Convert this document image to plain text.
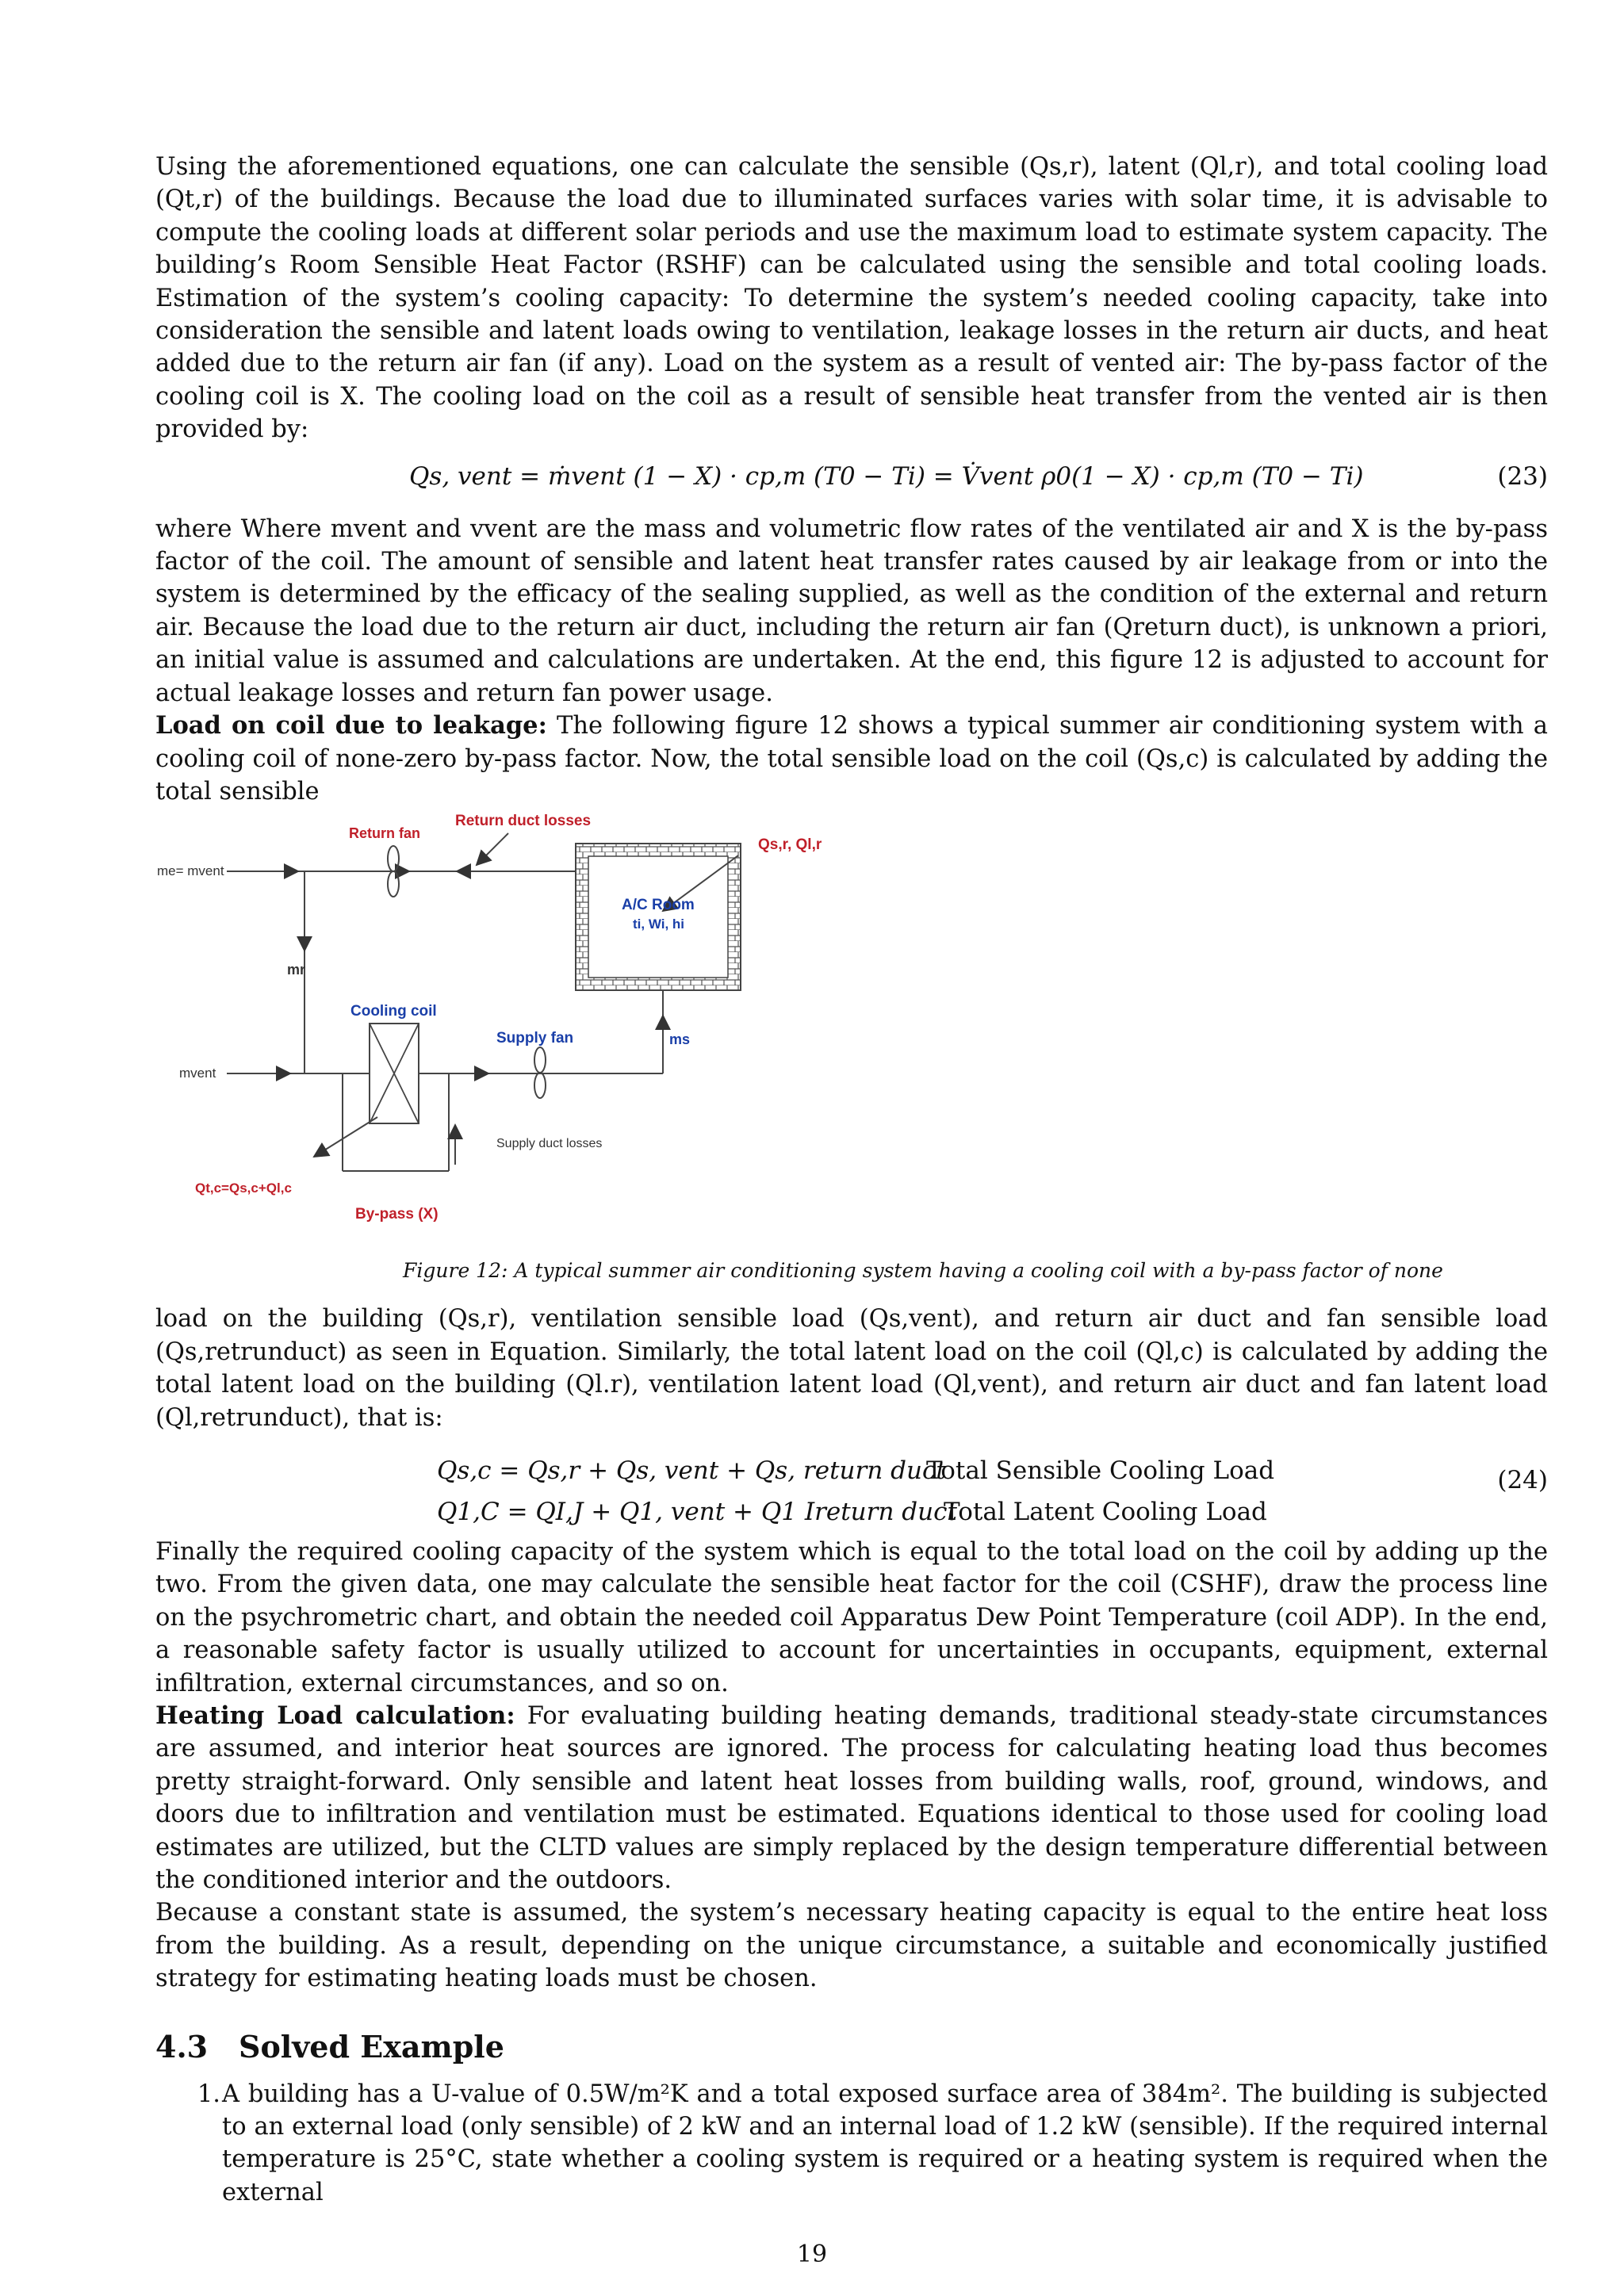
Using the aforementioned equations, one can calculate the sensible (Qs,r), latent (Ql,r), and total cooling load (Qt,r) of the buildings. Because the load due to illuminated surfaces varies with solar time, it is advisable to compute the cooling loads at different solar periods and use the maximum load to estimate system capacity. The building’s Room Sensible Heat Factor (RSHF) can be calculated using the sensible and total cooling loads. Estimation of the system’s cooling capacity: To determine the system’s needed cooling capacity, take into consideration the sensible and latent loads owing to ventilation, leakage losses in the return air ducts, and heat added due to the return air fan (if any). Load on the system as a result of vented air: The by-pass factor of the cooling coil is X. The cooling load on the coil as a result of sensible heat transfer from the vented air is then provided by:

Qs, vent = ṁvent (1 − X) · cp,m (T0 − Ti) = V̇vent ρ0(1 − X) · cp,m (T0 − Ti)	(23)

where Where mvent and vvent are the mass and volumetric flow rates of the ventilated air and X is the by-pass factor of the coil. The amount of sensible and latent heat transfer rates caused by air leakage from or into the system is determined by the efficacy of the sealing supplied, as well as the condition of the external and return air. Because the load due to the return air duct, including the return air fan (Qreturn duct), is unknown a priori, an initial value is assumed and calculations are undertaken. At the end, this figure 12 is adjusted to account for actual leakage losses and return fan power usage.

Load on coil due to leakage: The following figure 12 shows a typical summer air conditioning system with a cooling coil of none-zero by-pass factor. Now, the total sensible load on the coil (Qs,c) is calculated by adding the total sensible

Return duct losses
Return fan
me= mvent
Qs,r, Ql,r
A/C Room
ti, Wi, hi
mr
Cooling coil
Supply fan	ms
mvent
Supply duct losses
Qt,c=Qs,c+Ql,c
By-pass (X)

Figure 12: A typical summer air conditioning system having a cooling coil with a by-pass factor of none

load on the building (Qs,r), ventilation sensible load (Qs,vent), and return air duct and fan sensible load (Qs,retrunduct) as seen in Equation. Similarly, the total latent load on the coil (Ql,c) is calculated by adding the total latent load on the building (Ql.r), ventilation latent load (Ql,vent), and return air duct and fan latent load (Ql,retrunduct), that is:

Qs,c = Qs,r + Qs, vent + Qs, return duct
Total Sensible Cooling Load
Q1,C = QI,J + Q1, vent + Q1 Ireturn duct
Total Latent Cooling Load
(24)

Finally the required cooling capacity of the system which is equal to the total load on the coil by adding up the two. From the given data, one may calculate the sensible heat factor for the coil (CSHF), draw the process line on the psychrometric chart, and obtain the needed coil Apparatus Dew Point Temperature (coil ADP). In the end, a reasonable safety factor is usually utilized to account for uncertainties in occupants, equipment, external infiltration, external circumstances, and so on.

Heating Load calculation: For evaluating building heating demands, traditional steady-state circumstances are assumed, and interior heat sources are ignored. The process for calculating heating load thus becomes pretty straight-forward. Only sensible and latent heat losses from building walls, roof, ground, windows, and doors due to infiltration and ventilation must be estimated. Equations identical to those used for cooling load estimates are utilized, but the CLTD values are simply replaced by the design temperature differential between the conditioned interior and the outdoors.

Because a constant state is assumed, the system’s necessary heating capacity is equal to the entire heat loss from the building. As a result, depending on the unique circumstance, a suitable and economically justified strategy for estimating heating loads must be chosen.

4.3 Solved Example
1. A building has a U-value of 0.5W/m²K and a total exposed surface area of 384m². The building is subjected to an external load (only sensible) of 2 kW and an internal load of 1.2 kW (sensible). If the required internal temperature is 25°C, state whether a cooling system is required or a heating system is required when the external
19
